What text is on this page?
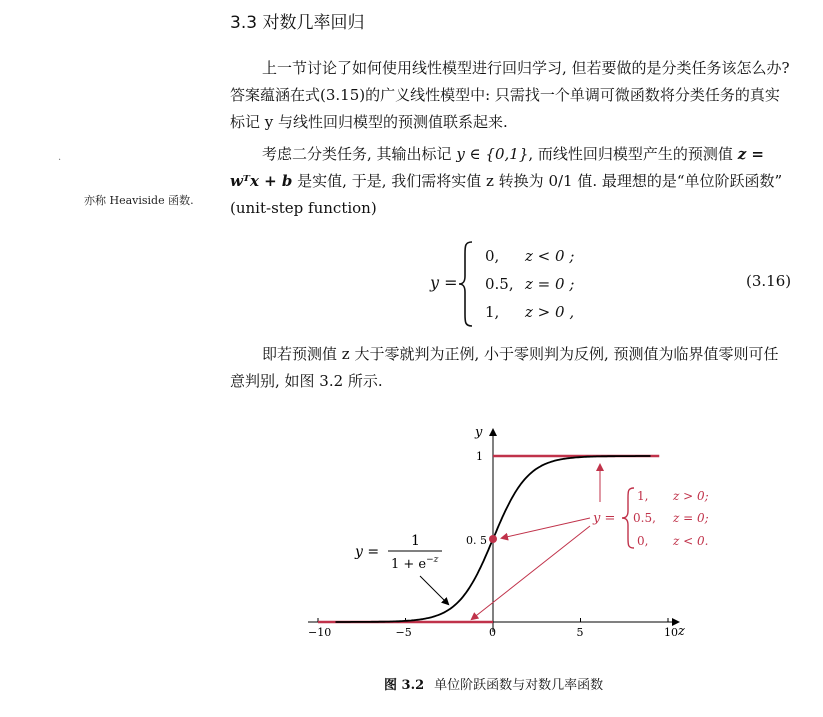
3.3 对数几率回归
上一节讨论了如何使用线性模型进行回归学习, 但若要做的是分类任务该怎么办? 答案蕴涵在式(3.15)的广义线性模型中: 只需找一个单调可微函数将分类任务的真实标记 y 与线性回归模型的预测值联系起来.
.	考虑二分类任务, 其输出标记 y ∈ {0,1}, 而线性回归模型产生的预测值 z = wᵀx + b 是实值, 于是, 我们需将实值 z 转换为 0/1 值. 最理想的是“单位阶跃函数” (unit-step function)
亦称 Heaviside 函数.
y =
0,	z < 0 ;
0.5, z = 0 ;
1,	z > 0 ,
(3.16)
即若预测值 z 大于零就判为正例, 小于零则判为反例, 预测值为临界值零则可任意判别, 如图 3.2 所示.
y
z
−10	−5	0	5	10
1
0. 5
y =
1
$1 + e^{-z}$
y =
1, z > 0;
0.5, z = 0;
0, z < 0.
图 3.2 单位阶跃函数与对数几率函数
